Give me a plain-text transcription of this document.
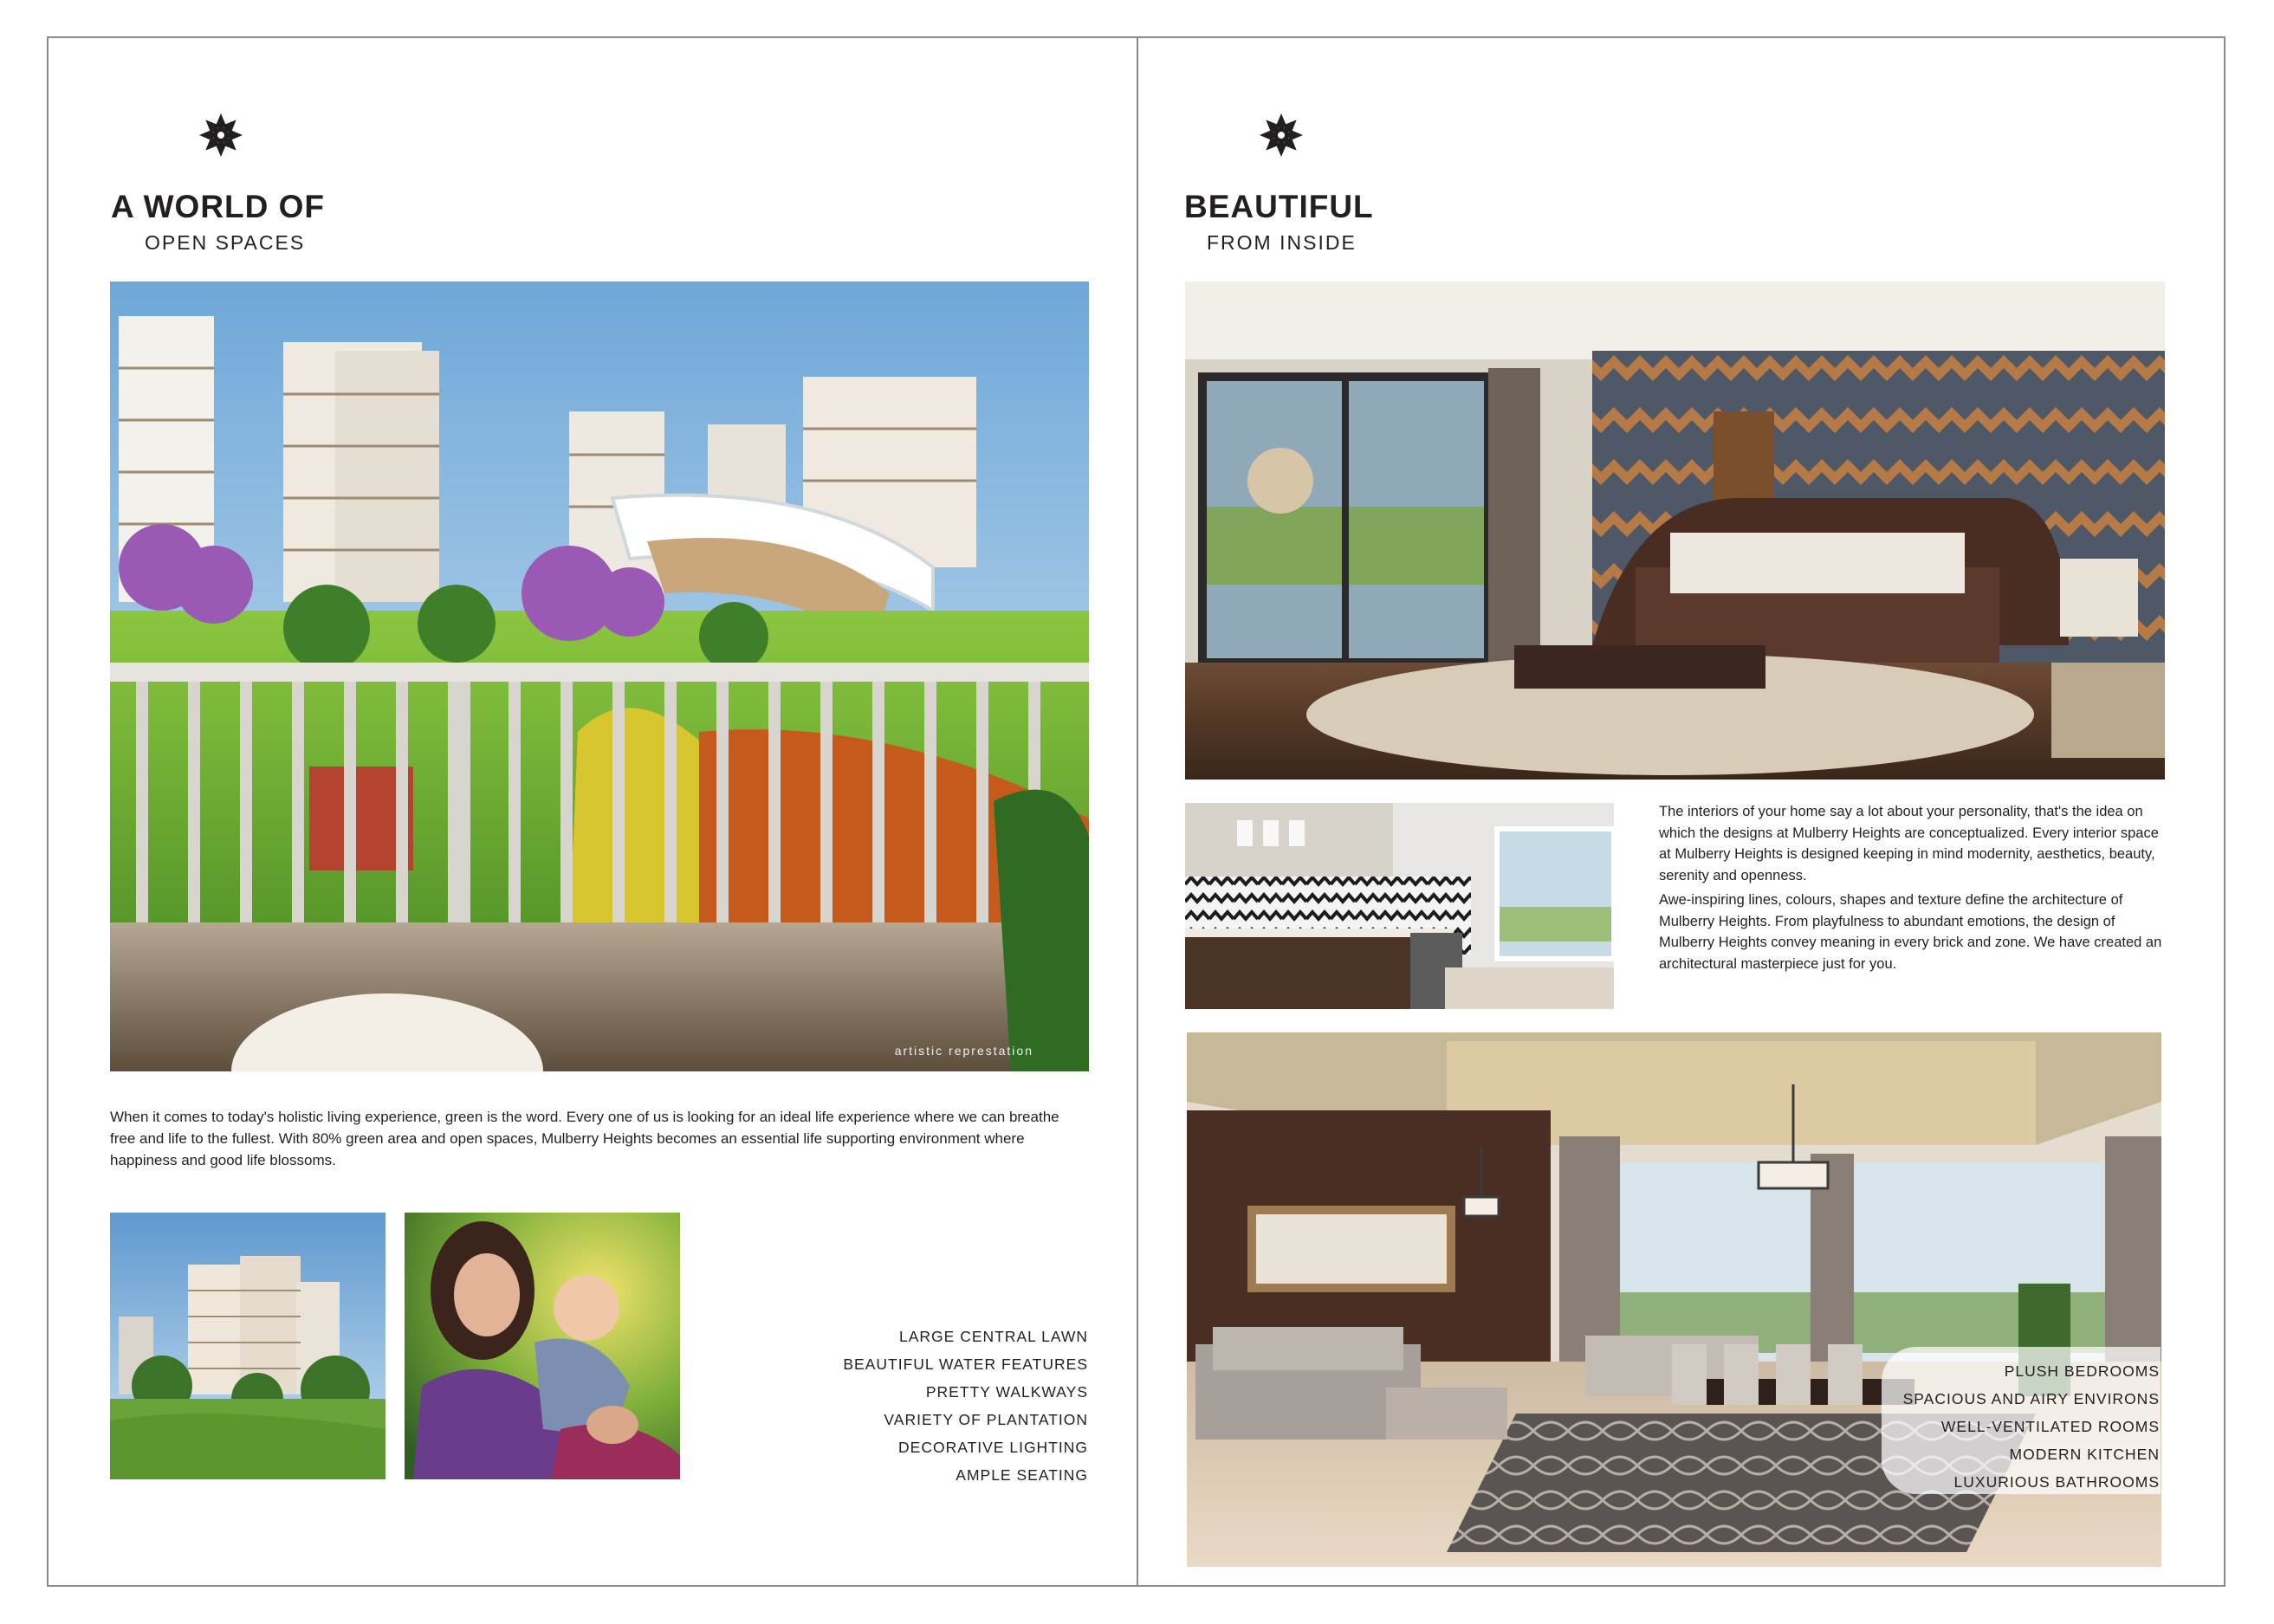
A WORLD OF
OPEN SPACES
artistic represtation
When it comes to today's holistic living experience, green is the word. Every one of us is looking for an ideal life experience where we can breathe free and life to the fullest. With 80% green area and open spaces, Mulberry Heights becomes an essential life supporting environment where happiness and good life blossoms.
LARGE CENTRAL LAWN
BEAUTIFUL WATER FEATURES
PRETTY WALKWAYS
VARIETY OF PLANTATION
DECORATIVE LIGHTING
AMPLE SEATING
BEAUTIFUL
FROM INSIDE

The interiors of your home say a lot about your personality, that's the idea on which the designs at Mulberry Heights are conceptualized. Every interior space at Mulberry Heights is designed keeping in mind modernity, aesthetics, beauty, serenity and openness.

Awe-inspiring lines, colours, shapes and texture define the architecture of Mulberry Heights. From playfulness to abundant emotions, the design of Mulberry Heights convey meaning in every brick and zone. We have created an architectural masterpiece just for you.

PLUSH BEDROOMS
SPACIOUS AND AIRY ENVIRONS
WELL-VENTILATED ROOMS
MODERN KITCHEN
LUXURIOUS BATHROOMS
